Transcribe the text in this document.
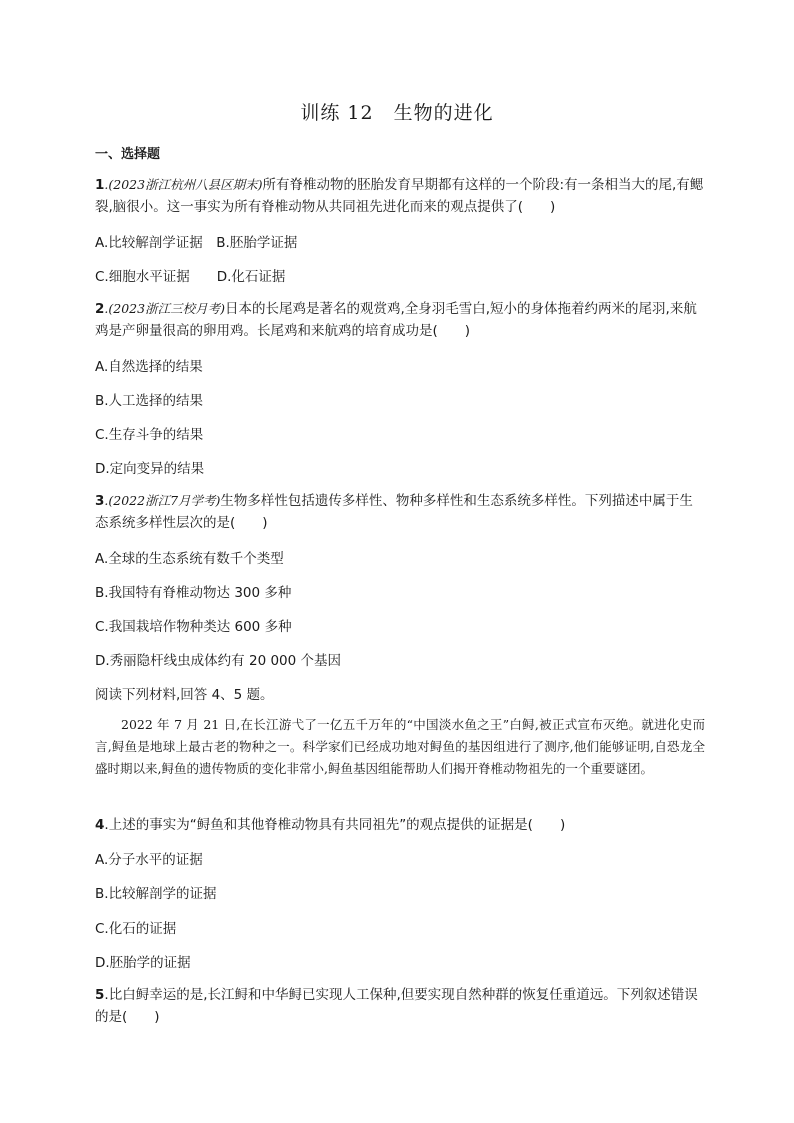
训练 12　生物的进化
一、选择题
1.(2023浙江杭州八县区期末)所有脊椎动物的胚胎发育早期都有这样的一个阶段:有一条相当大的尾,有鳃裂,脑很小。这一事实为所有脊椎动物从共同祖先进化而来的观点提供了(　　)
A.比较解剖学证据　B.胚胎学证据
C.细胞水平证据　　D.化石证据
2.(2023浙江三校月考)日本的长尾鸡是著名的观赏鸡,全身羽毛雪白,短小的身体拖着约两米的尾羽,来航鸡是产卵量很高的卵用鸡。长尾鸡和来航鸡的培育成功是(　　)
A.自然选择的结果
B.人工选择的结果
C.生存斗争的结果
D.定向变异的结果
3.(2022浙江7月学考)生物多样性包括遗传多样性、物种多样性和生态系统多样性。下列描述中属于生态系统多样性层次的是(　　)
A.全球的生态系统有数千个类型
B.我国特有脊椎动物达 300 多种
C.我国栽培作物种类达 600 多种
D.秀丽隐杆线虫成体约有 20 000 个基因
阅读下列材料,回答 4、5 题。
2022 年 7 月 21 日,在长江游弋了一亿五千万年的“中国淡水鱼之王”白鲟,被正式宣布灭绝。就进化史而言,鲟鱼是地球上最古老的物种之一。科学家们已经成功地对鲟鱼的基因组进行了测序,他们能够证明,自恐龙全盛时期以来,鲟鱼的遗传物质的变化非常小,鲟鱼基因组能帮助人们揭开脊椎动物祖先的一个重要谜团。
4.上述的事实为“鲟鱼和其他脊椎动物具有共同祖先”的观点提供的证据是(　　)
A.分子水平的证据
B.比较解剖学的证据
C.化石的证据
D.胚胎学的证据
5.比白鲟幸运的是,长江鲟和中华鲟已实现人工保种,但要实现自然种群的恢复任重道远。下列叙述错误的是(　　)
